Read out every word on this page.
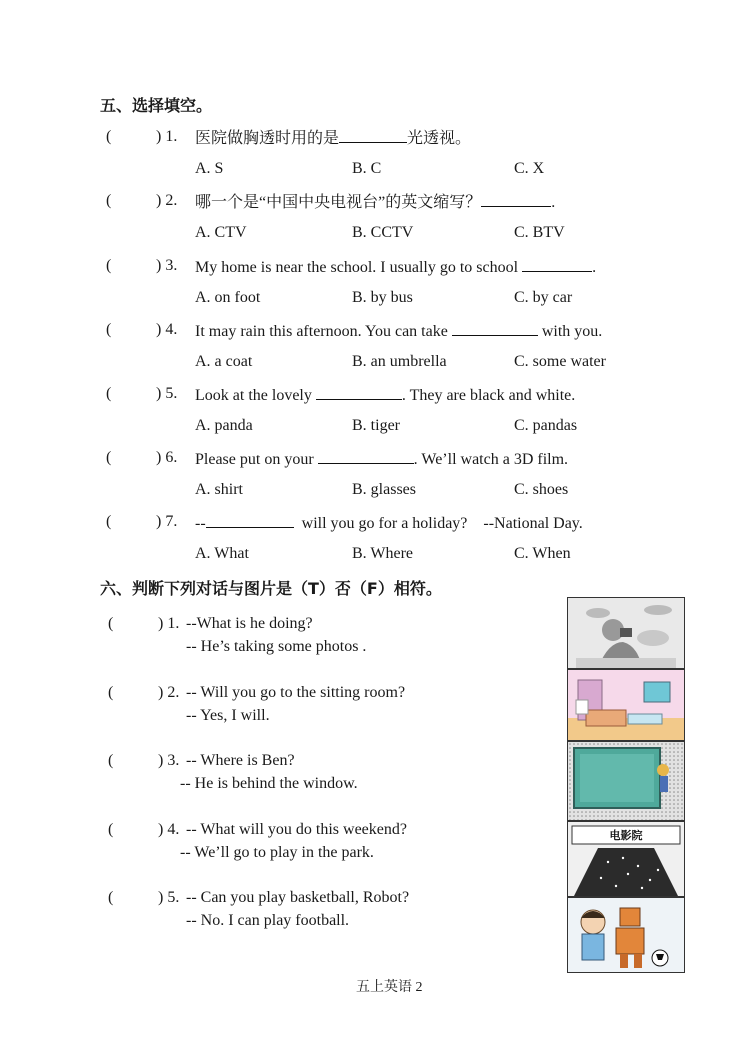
五、选择填空。
(	) 1. 医院做胸透时用的是	光透视。
A. S	B. C	C. X
(	) 2. 哪一个是“中国中央电视台”的英文缩写？	.
A. CTV	B. CCTV	C. BTV
(	) 3. My home is near the school. I usually go to school	.
A. on foot	B. by bus	C. by car
(	) 4. It may rain this afternoon. You can take	with you.
A. a coat	B. an umbrella	C. some water
(	) 5. Look at the lovely	. They are black and white.
A. panda	B. tiger	C. pandas
(	) 6. Please put on your	. We’ll watch a 3D film.
A. shirt	B. glasses	C. shoes
(	) 7. --	will you go for a holiday?    --National Day.
A. What	B. Where	C. When
六、判断下列对话与图片是（T）否（F）相符。
(	) 1. --What is he doing?
-- He’s taking some photos .
(	) 2. -- Will you go to the sitting room?
-- Yes, I will.
(	) 3. -- Where is Ben?
-- He is behind the window.
(	) 4. -- What will you do this weekend?
-- We’ll go to play in the park.
(	) 5. -- Can you play basketball, Robot?
-- No. I can play football.
电影院
五上英语 2
